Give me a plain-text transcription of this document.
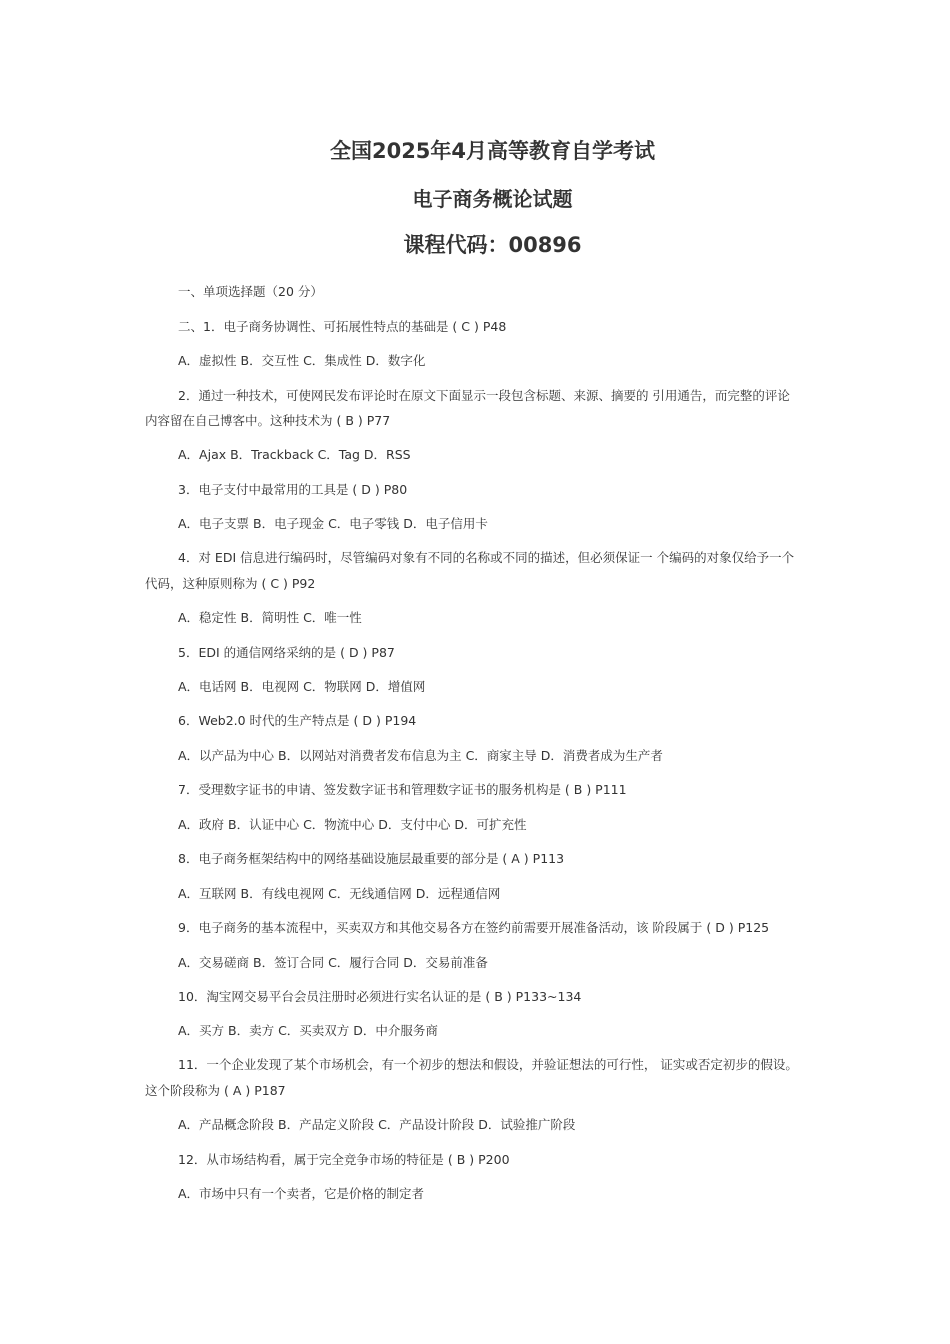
全国2025年4月高等教育自学考试
电子商务概论试题
课程代码：00896
一、单项选择题（20 分）
二、1．电子商务协调性、可拓展性特点的基础是 ( C ) P48
A．虚拟性 B．交互性 C．集成性 D．数字化
2．通过一种技术，可使网民发布评论时在原文下面显示一段包含标题、来源、摘要的 引用通告，而完整的评论
内容留在自己博客中。这种技术为 ( B ) P77
A．Ajax B．Trackback C．Tag D．RSS
3．电子支付中最常用的工具是 ( D ) P80
A．电子支票 B．电子现金 C．电子零钱 D．电子信用卡
4．对 EDI 信息进行编码时，尽管编码对象有不同的名称或不同的描述，但必须保证一 个编码的对象仅给予一个
代码，这种原则称为 ( C ) P92
A．稳定性 B．简明性 C．唯一性
5．EDI 的通信网络采纳的是 ( D ) P87
A．电话网 B．电视网 C．物联网 D．增值网
6．Web2.0 时代的生产特点是 ( D ) P194
A．以产品为中心 B．以网站对消费者发布信息为主 C．商家主导 D．消费者成为生产者
7．受理数字证书的申请、签发数字证书和管理数字证书的服务机构是 ( B ) P111
A．政府 B．认证中心 C．物流中心 D．支付中心 D．可扩充性
8．电子商务框架结构中的网络基础设施层最重要的部分是 ( A ) P113
A．互联网 B．有线电视网 C．无线通信网 D．远程通信网
9．电子商务的基本流程中，买卖双方和其他交易各方在签约前需要开展准备活动，该 阶段属于 ( D ) P125
A．交易磋商 B．签订合同 C．履行合同 D．交易前准备
10．淘宝网交易平台会员注册时必须进行实名认证的是 ( B ) P133~134
A．买方 B．卖方 C．买卖双方 D．中介服务商
11．一个企业发现了某个市场机会，有一个初步的想法和假设，并验证想法的可行性， 证实或否定初步的假设。
这个阶段称为 ( A ) P187
A．产品概念阶段 B．产品定义阶段 C．产品设计阶段 D．试验推广阶段
12．从市场结构看，属于完全竞争市场的特征是 ( B ) P200
A．市场中只有一个卖者，它是价格的制定者
